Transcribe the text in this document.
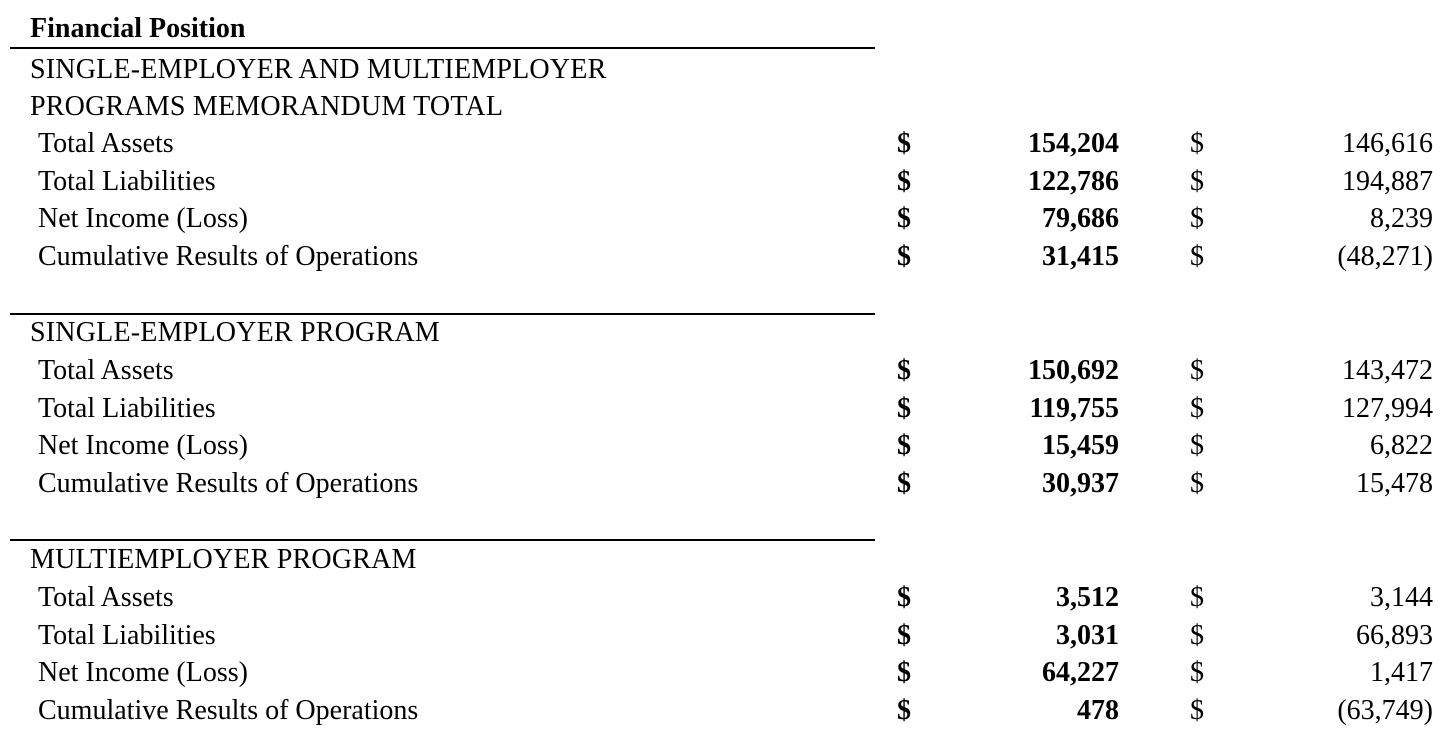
Financial Position
SINGLE-EMPLOYER AND MULTIEMPLOYER
PROGRAMS MEMORANDUM TOTAL
Total Assets	$	154,204	$	146,616
Total Liabilities	$	122,786	$	194,887
Net Income (Loss)	$	79,686	$	8,239
Cumulative Results of Operations	$	31,415	$	(48,271)
SINGLE-EMPLOYER PROGRAM
Total Assets	$	150,692	$	143,472
Total Liabilities	$	119,755	$	127,994
Net Income (Loss)	$	15,459	$	6,822
Cumulative Results of Operations	$	30,937	$	15,478
MULTIEMPLOYER PROGRAM
Total Assets	$	3,512	$	3,144
Total Liabilities	$	3,031	$	66,893
Net Income (Loss)	$	64,227	$	1,417
Cumulative Results of Operations	$	478	$	(63,749)
